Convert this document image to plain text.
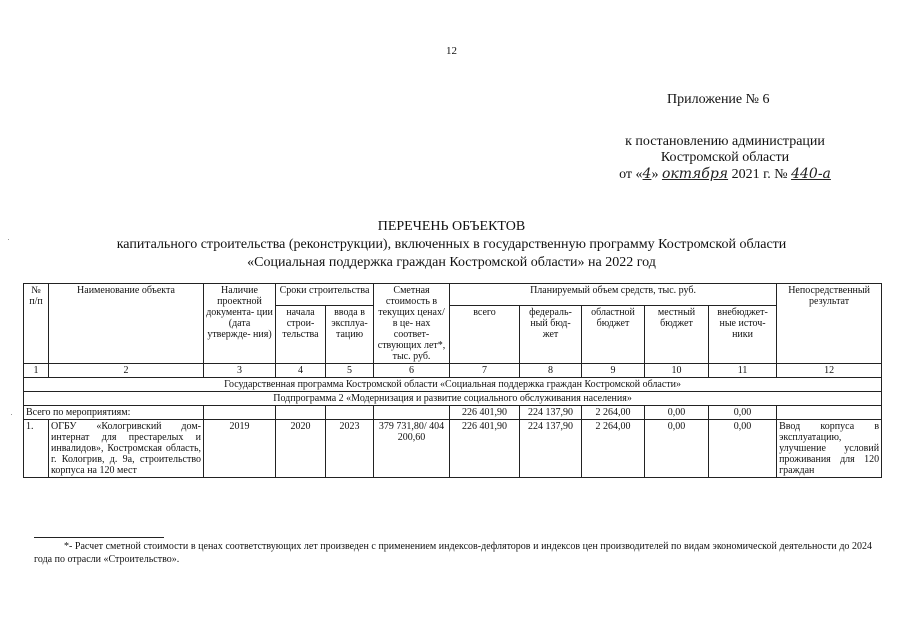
12
Приложение № 6
к постановлению администрации
Костромской области
от «4» октября 2021 г. № 440-а
ПЕРЕЧЕНЬ ОБЪЕКТОВ
капитального строительства (реконструкции), включенных в государственную программу Костромской области
«Социальная поддержка граждан Костромской области» на 2022 год
№ п/п	Наименование объекта	Наличие проектной документа- ции (дата утвержде- ния)	Сроки строительства		Сметная стоимость в текущих ценах/в це- нах соответ- ствующих лет*, тыс. руб.	Планируемый объем средств, тыс. руб.					Непосредственный результат
			начала строи- тельства	ввода в эксплуа- тацию		всего	федераль- ный бюд- жет	областной бюджет	местный бюджет	внебюджет- ные источ- ники	
1	2	3	4	5	6	7	8	9	10	11	12
Государственная программа Костромской области «Социальная поддержка граждан Костромской области»											
Подпрограмма 2 «Модернизация и развитие социального обслуживания населения»											
Всего по мероприятиям:						226 401,90	224 137,90	2 264,00	0,00	0,00	
1.	ОГБУ «Кологривский дом-интернат для престарелых и инвалидов», Костромская область, г. Кологрив, д. 9а, строительство корпуса на 120 мест	2019	2020	2023	379 731,80/ 404 200,60	226 401,90	224 137,90	2 264,00	0,00	0,00	Ввод корпуса в эксплуатацию, улучшение условий проживания для 120 граждан
*- Расчет сметной стоимости в ценах соответствующих лет произведен с применением индексов-дефляторов и индексов цен производителей по видам экономической деятельности до 2024 года по отрасли «Строительство».
